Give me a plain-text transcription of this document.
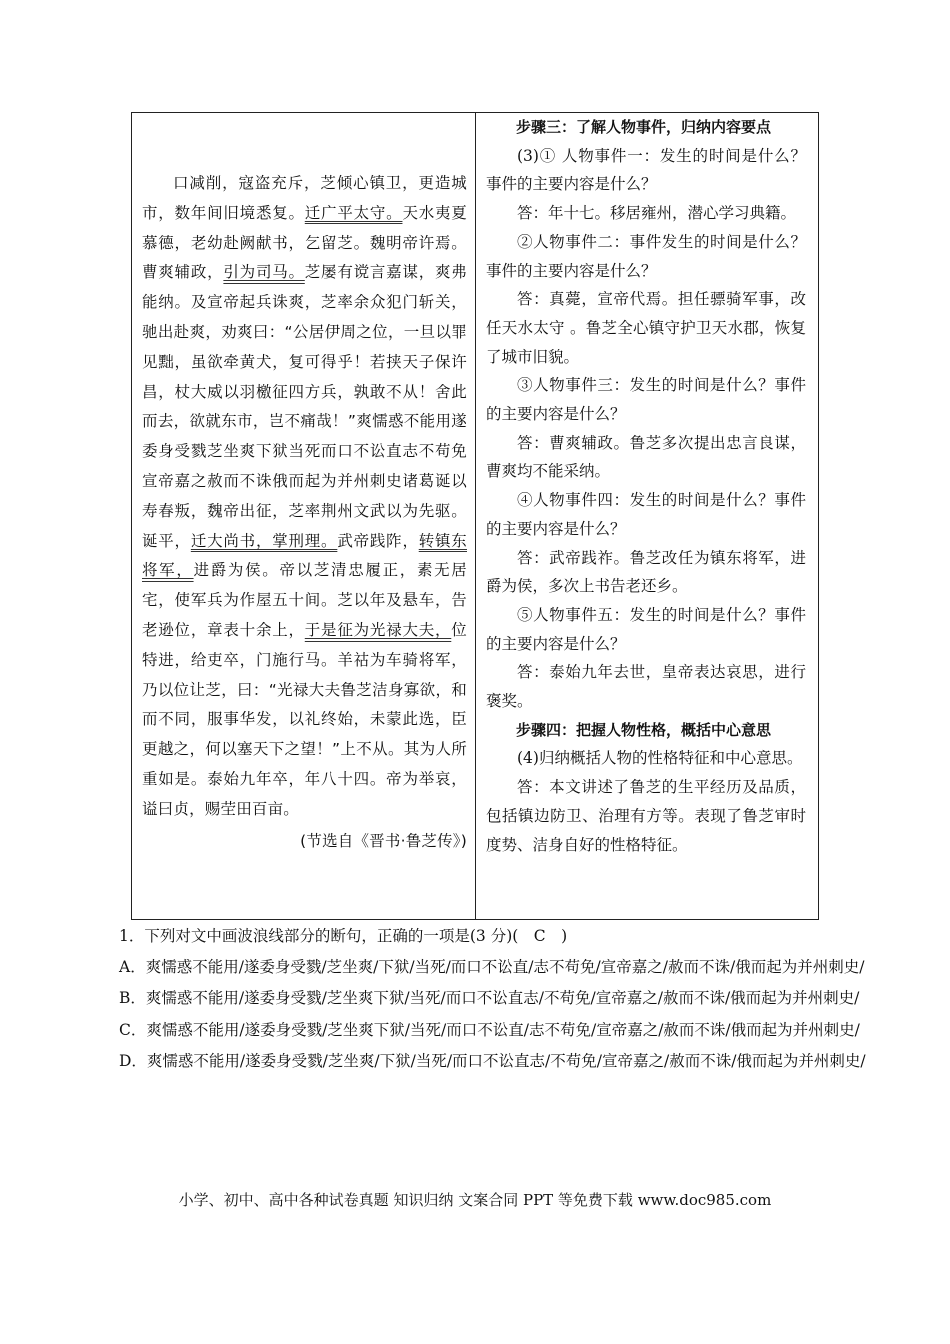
口减削，寇盗充斥，芝倾心镇卫，更造城市，数年间旧境悉复。迁广平太守。天水夷夏慕德，老幼赴阙献书，乞留芝。魏明帝许焉。曹爽辅政，引为司马。芝屡有谠言嘉谋，爽弗能纳。及宣帝起兵诛爽，芝率余众犯门斩关，驰出赴爽，劝爽曰：“公居伊周之位，一旦以罪见黜，虽欲牵黄犬，复可得乎！若挟天子保许昌，杖大威以羽檄征四方兵，孰敢不从！舍此而去，欲就东市，岂不痛哉！”爽懦惑不能用遂委身受戮芝坐爽下狱当死而口不讼直志不苟免宣帝嘉之赦而不诛俄而起为并州刺史诸葛诞以寿春叛，魏帝出征，芝率荆州文武以为先驱。诞平，迁大尚书，掌刑理。武帝践阼，转镇东将军，进爵为侯。帝以芝清忠履正，素无居宅，使军兵为作屋五十间。芝以年及悬车，告老逊位，章表十余上，于是征为光禄大夫，位特进，给吏卒，门施行马。羊祜为车骑将军，乃以位让芝，曰：“光禄大夫鲁芝洁身寡欲，和而不同，服事华发，以礼终始，未蒙此选，臣更越之，何以塞天下之望！”上不从。其为人所重如是。泰始九年卒，年八十四。帝为举哀，谥曰贞，赐茔田百亩。

(节选自《晋书·鲁芝传》)

步骤三：了解人物事件，归纳内容要点

(3)① 人物事件一：发生的时间是什么？事件的主要内容是什么？

答：年十七。移居雍州，潜心学习典籍。

②人物事件二：事件发生的时间是什么？事件的主要内容是什么？

答：真薨，宣帝代焉。担任骠骑军事，改任天水太守 。鲁芝全心镇守护卫天水郡，恢复了城市旧貌。

③人物事件三：发生的时间是什么？事件的主要内容是什么？

答：曹爽辅政。鲁芝多次提出忠言良谋，曹爽均不能采纳。

④人物事件四：发生的时间是什么？事件的主要内容是什么？

答：武帝践祚。鲁芝改任为镇东将军，进爵为侯，多次上书告老还乡。

⑤人物事件五：发生的时间是什么？事件的主要内容是什么？

答：泰始九年去世，皇帝表达哀思，进行褒奖。

步骤四：把握人物性格，概括中心意思

(4)归纳概括人物的性格特征和中心意思。

答：本文讲述了鲁芝的生平经历及品质，包括镇边防卫、治理有方等。表现了鲁芝审时度势、洁身自好的性格特征。

1．下列对文中画波浪线部分的断句，正确的一项是(3 分)(　C　)

A．爽懦惑不能用/遂委身受戮/芝坐爽/下狱/当死/而口不讼直/志不苟免/宣帝嘉之/赦而不诛/俄而起为并州刺史/

B．爽懦惑不能用/遂委身受戮/芝坐爽下狱/当死/而口不讼直志/不苟免/宣帝嘉之/赦而不诛/俄而起为并州刺史/

C．爽懦惑不能用/遂委身受戮/芝坐爽下狱/当死/而口不讼直/志不苟免/宣帝嘉之/赦而不诛/俄而起为并州刺史/

D．爽懦惑不能用/遂委身受戮/芝坐爽/下狱/当死/而口不讼直志/不苟免/宣帝嘉之/赦而不诛/俄而起为并州刺史/

小学、初中、高中各种试卷真题 知识归纳 文案合同 PPT 等免费下载 www.doc985.com
